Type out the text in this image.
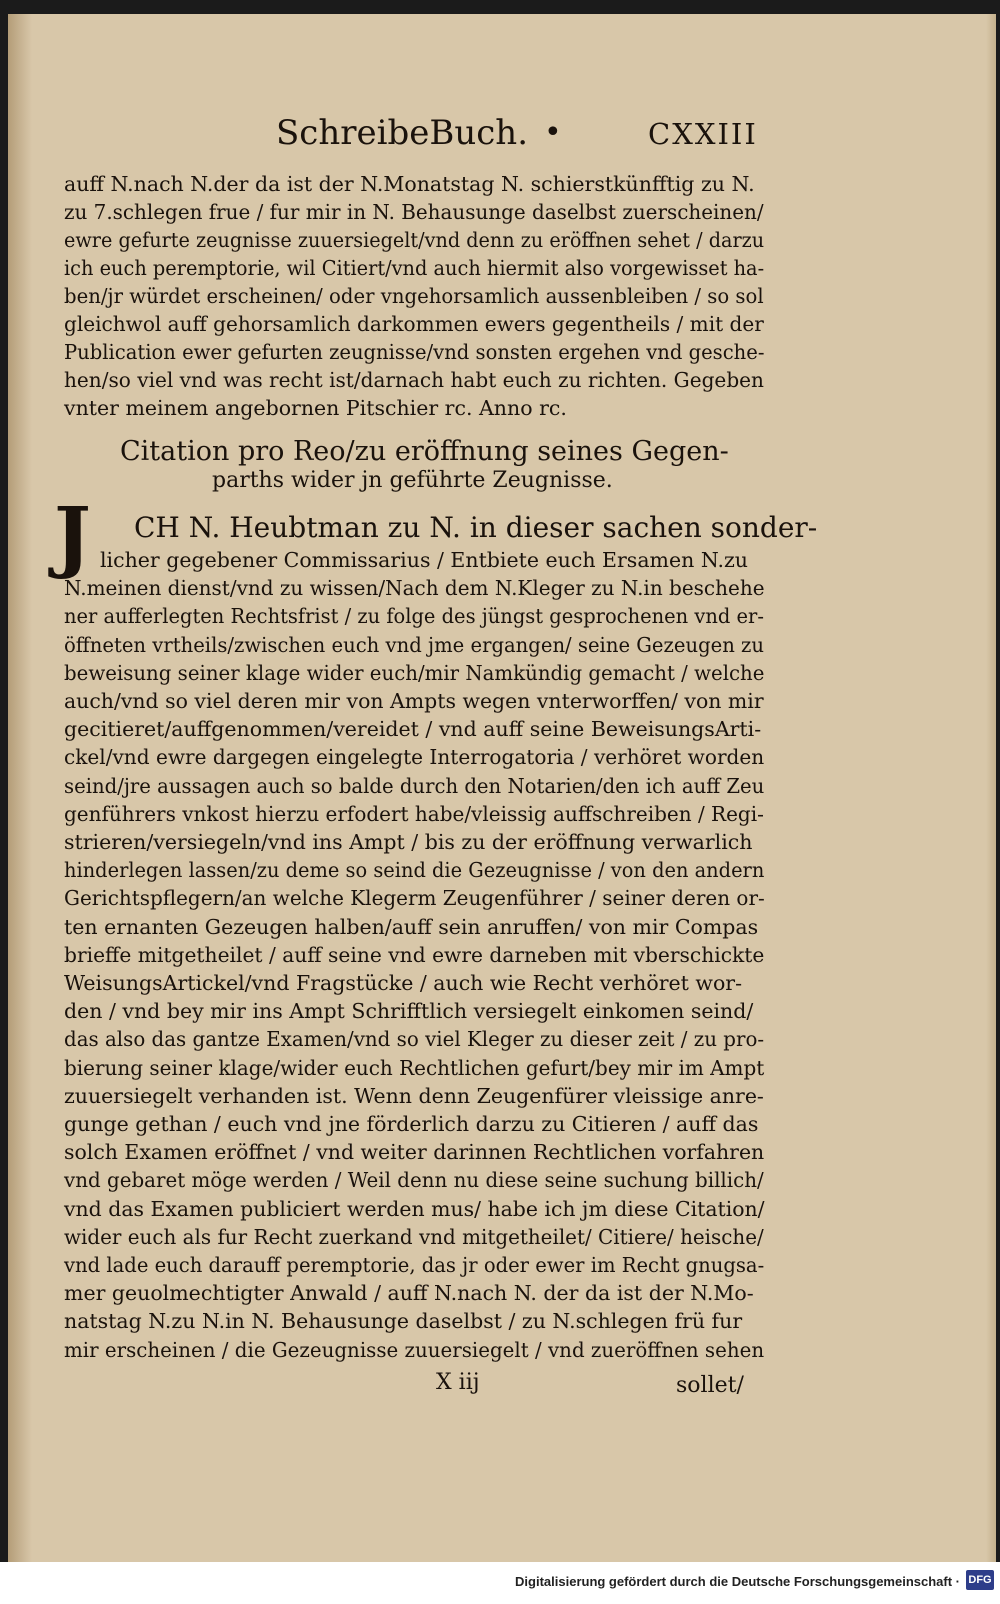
SchreibeBuch. •	CXXIII
auff N.nach N.der da ist der N.Monatstag N. schierstkünfftig zu N.
zu 7.schlegen frue / fur mir in N. Behausunge daselbst zuerscheinen/
ewre gefurte zeugnisse zuuersiegelt/vnd denn zu eröffnen sehet / darzu
ich euch peremptorie, wil Citiert/vnd auch hiermit also vorgewisset ha-
ben/jr würdet erscheinen/ oder vngehorsamlich aussenbleiben / so sol
gleichwol auff gehorsamlich darkommen ewers gegentheils / mit der
Publication ewer gefurten zeugnisse/vnd sonsten ergehen vnd gesche-
hen/so viel vnd was recht ist/darnach habt euch zu richten. Gegeben
vnter meinem angebornen Pitschier rc. Anno rc.
Citation pro Reo/zu eröffnung seines Gegen-
parths wider jn geführte Zeugnisse.
J CH N. Heubtman zu N. in dieser sachen sonder-
licher gegebener Commissarius / Entbiete euch Ersamen N.zu
N.meinen dienst/vnd zu wissen/Nach dem N.Kleger zu N.in beschehe
ner aufferlegten Rechtsfrist / zu folge des jüngst gesprochenen vnd er-
öffneten vrtheils/zwischen euch vnd jme ergangen/ seine Gezeugen zu
beweisung seiner klage wider euch/mir Namkündig gemacht / welche
auch/vnd so viel deren mir von Ampts wegen vnterworffen/ von mir
gecitieret/auffgenommen/vereidet / vnd auff seine BeweisungsArti-
ckel/vnd ewre dargegen eingelegte Interrogatoria / verhöret worden
seind/jre aussagen auch so balde durch den Notarien/den ich auff Zeu
genführers vnkost hierzu erfodert habe/vleissig auffschreiben / Regi-
strieren/versiegeln/vnd ins Ampt / bis zu der eröffnung verwarlich
hinderlegen lassen/zu deme so seind die Gezeugnisse / von den andern
Gerichtspflegern/an welche Klegerm Zeugenführer / seiner deren or-
ten ernanten Gezeugen halben/auff sein anruffen/ von mir Compas
brieffe mitgetheilet / auff seine vnd ewre darneben mit vberschickte
WeisungsArtickel/vnd Fragstücke / auch wie Recht verhöret wor-
den / vnd bey mir ins Ampt Schrifftlich versiegelt einkomen seind/
das also das gantze Examen/vnd so viel Kleger zu dieser zeit / zu pro-
bierung seiner klage/wider euch Rechtlichen gefurt/bey mir im Ampt
zuuersiegelt verhanden ist. Wenn denn Zeugenfürer vleissige anre-
gunge gethan / euch vnd jne förderlich darzu zu Citieren / auff das
solch Examen eröffnet / vnd weiter darinnen Rechtlichen vorfahren
vnd gebaret möge werden / Weil denn nu diese seine suchung billich/
vnd das Examen publiciert werden mus/ habe ich jm diese Citation/
wider euch als fur Recht zuerkand vnd mitgetheilet/ Citiere/ heische/
vnd lade euch darauff peremptorie, das jr oder ewer im Recht gnugsa-
mer geuolmechtigter Anwald / auff N.nach N. der da ist der N.Mo-
natstag N.zu N.in N. Behausunge daselbst / zu N.schlegen frü fur
mir erscheinen / die Gezeugnisse zuuersiegelt / vnd zueröffnen sehen
X iij	sollet/
Digitalisierung gefördert durch die Deutsche Forschungsgemeinschaft · DFG
